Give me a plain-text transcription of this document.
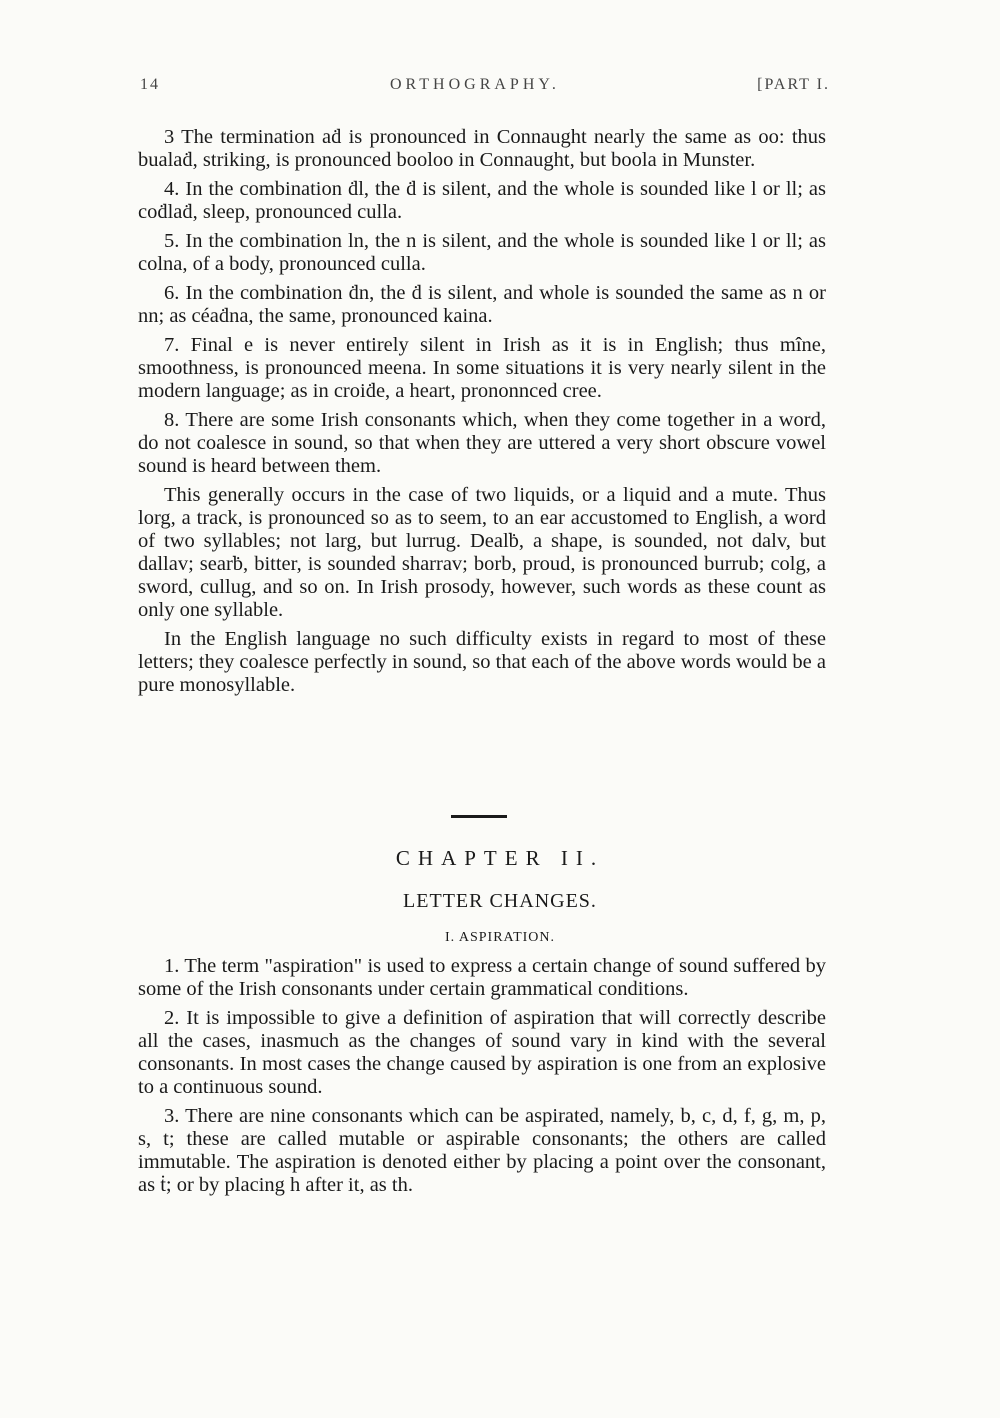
14	ORTHOGRAPHY.	[PART I.

3 The termination aḋ is pronounced in Connaught nearly the same as oo: thus bualaḋ, striking, is pronounced booloo in Connaught, but boola in Munster.

4. In the combination ḋl, the ḋ is silent, and the whole is sounded like l or ll; as coḋlaḋ, sleep, pronounced culla.

5. In the combination ln, the n is silent, and the whole is sounded like l or ll; as colna, of a body, pronounced culla.

6. In the combination ḋn, the ḋ is silent, and whole is sounded the same as n or nn; as céaḋna, the same, pronounced kaina.

7. Final e is never entirely silent in Irish as it is in English; thus mîne, smoothness, is pronounced meena. In some situations it is very nearly silent in the modern language; as in croiḋe, a heart, prononnced cree.

8. There are some Irish consonants which, when they come together in a word, do not coalesce in sound, so that when they are uttered a very short obscure vowel sound is heard between them.

This generally occurs in the case of two liquids, or a liquid and a mute. Thus lorg, a track, is pronounced so as to seem, to an ear accustomed to English, a word of two syllables; not larg, but lurrug. Dealḃ, a shape, is sounded, not dalv, but dallav; searḃ, bitter, is sounded sharrav; borb, proud, is pronounced burrub; colg, a sword, cullug, and so on. In Irish prosody, however, such words as these count as only one syllable.

In the English language no such difficulty exists in regard to most of these letters; they coalesce perfectly in sound, so that each of the above words would be a pure monosyllable.

CHAPTER II.
LETTER CHANGES.
I. ASPIRATION.

1. The term "aspiration" is used to express a certain change of sound suffered by some of the Irish consonants under certain grammatical conditions.

2. It is impossible to give a definition of aspiration that will correctly describe all the cases, inasmuch as the changes of sound vary in kind with the several consonants. In most cases the change caused by aspiration is one from an explosive to a continuous sound.

3. There are nine consonants which can be aspirated, namely, b, c, d, f, g, m, p, s, t; these are called mutable or aspirable consonants; the others are called immutable. The aspiration is denoted either by placing a point over the consonant, as ṫ; or by placing h after it, as th.
